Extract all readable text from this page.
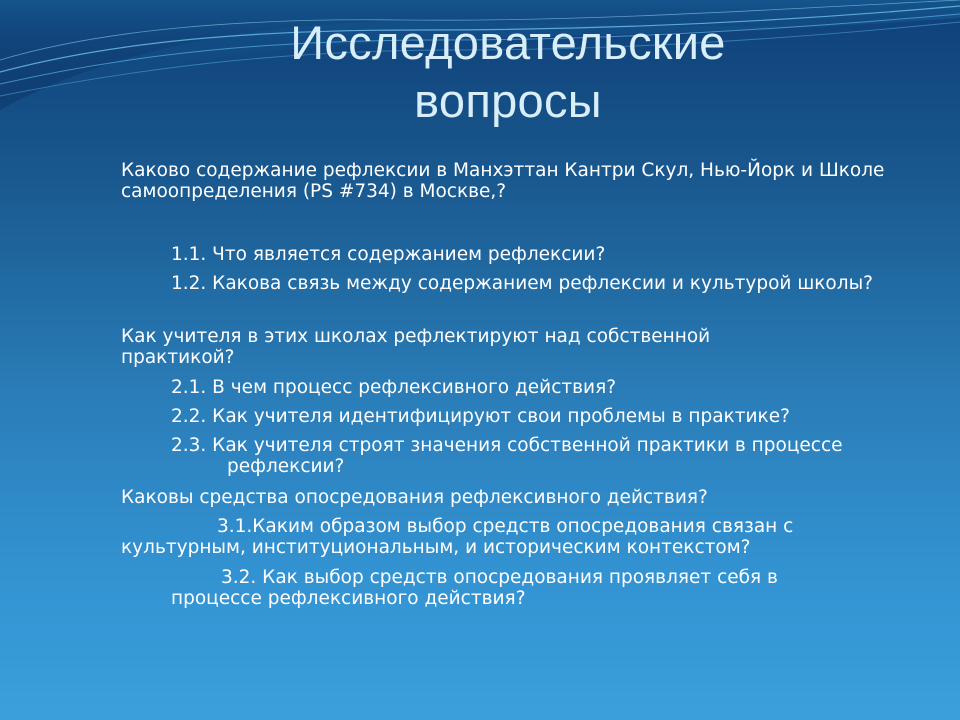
Исследовательские
вопросы

Каково содержание рефлексии в Манхэттан Кантри Скул, Нью-Йорк и Школе самоопределения (PS #734) в Москве,?

1.1. Что является содержанием рефлексии?

1.2. Какова связь между содержанием рефлексии и культурой школы?

Как учителя в этих школах рефлектируют над собственной практикой?

2.1. В чем процесс рефлексивного действия?

2.2. Как учителя идентифицируют свои проблемы в практике?

2.3. Как учителя строят значения собственной практики в процессе рефлексии?

Каковы средства опосредования рефлексивного действия?

3.1.Каким образом выбор средств опосредования связан с культурным, институциональным, и историческим контекстом?

3.2. Как выбор средств опосредования проявляет себя в процессе рефлексивного действия?
